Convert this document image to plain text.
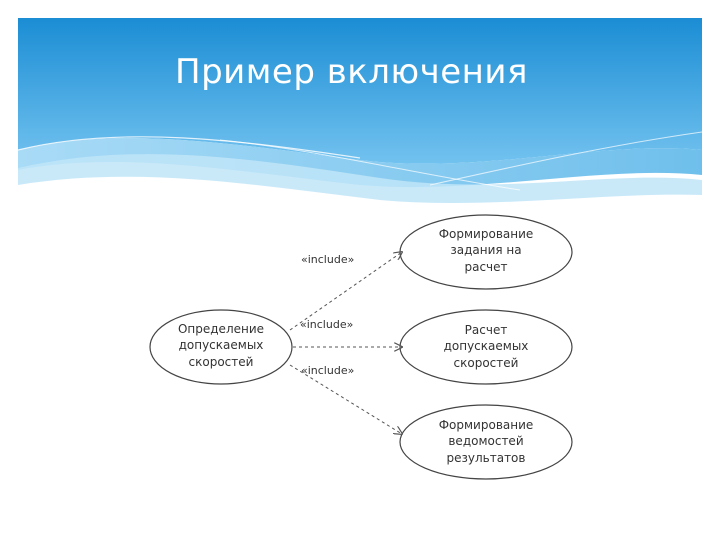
Пример включения
Определение
допускаемых
скоростей
Формирование
задания на
расчет
Расчет
допускаемых
скоростей
Формирование
ведомостей
результатов
«include»
«include»
«include»
